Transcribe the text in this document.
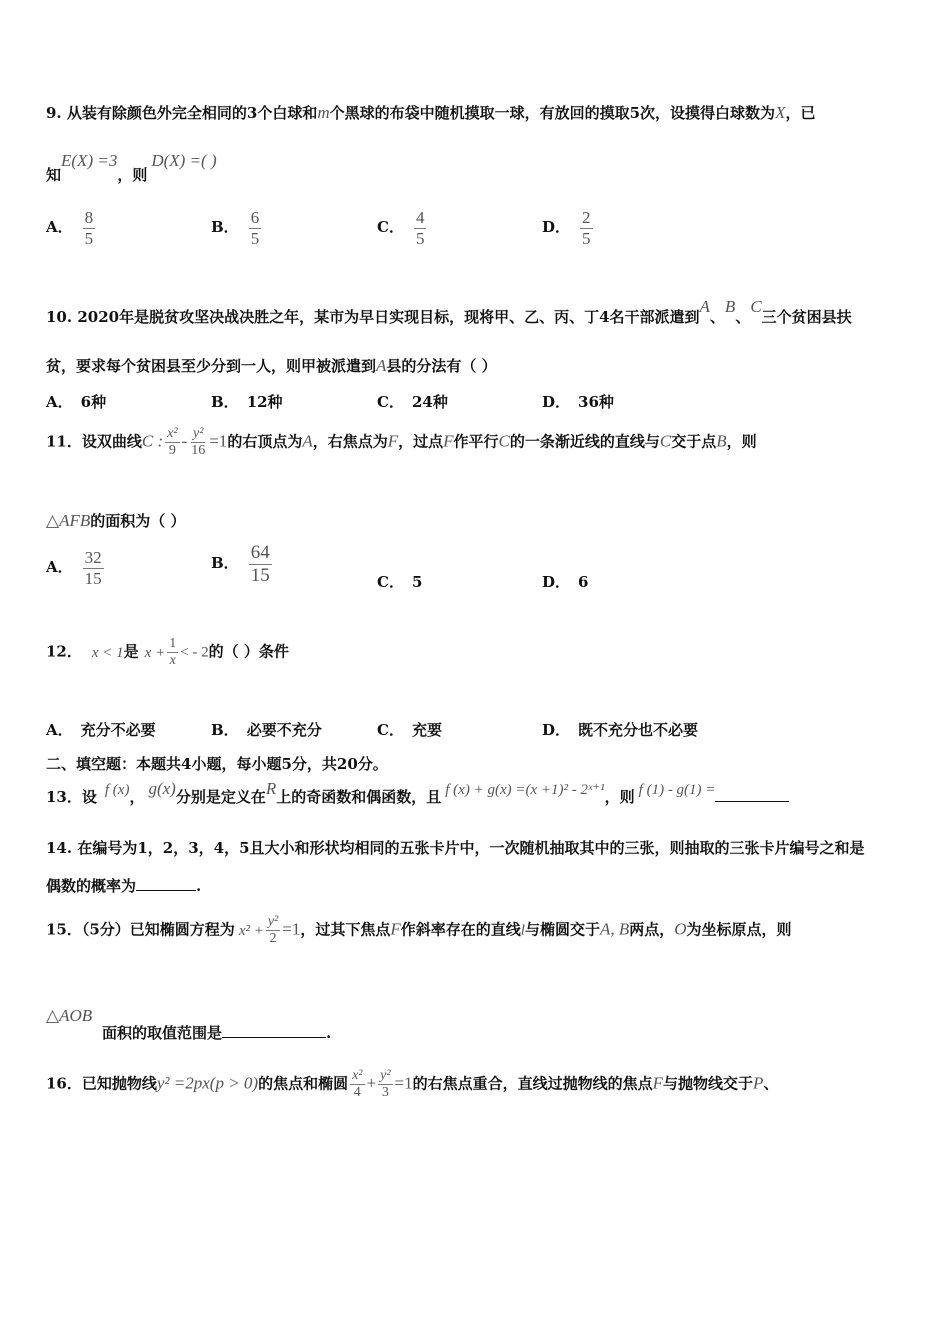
9. 从装有除颜色外完全相同的3个白球和m个黑球的布袋中随机摸取一球，有放回的摸取5次，设摸得白球数为X，已
知E(X) =3，则D(X) =( )
A． $\frac{8}{5}$	B． $\frac{6}{5}$	C． $\frac{4}{5}$	D． $\frac{2}{5}$
10. 2020年是脱贫攻坚决战决胜之年，某市为早日实现目标，现将甲、乙、丙、丁4名干部派遣到A、B、C三个贫困县扶
贫，要求每个贫困县至少分到一人，则甲被派遣到A县的分法有（ ）
A． 6种	B． 12种	C． 24种	D． 36种
11．设双曲线C : $\frac{\text{x²}}{9} - \frac{\text{y²}}{16} =1$的右顶点为A，右焦点为F，过点F作平行C的一条渐近线的直线与C交于点B，则
△AFB的面积为（ ）
A． $\frac{32}{15}$	B． $\frac{64}{15}$	C． 5	D． 6
12． x < 1是 $x + \frac{1}{x}$ < - 2的（ ）条件
A． 充分不必要	B． 必要不充分	C． 充要	D． 既不充分也不必要
二、填空题：本题共4小题，每小题5分，共20分。
13．设 f (x)， g(x)分别是定义在R上的奇函数和偶函数，且 f (x) + g(x) =(x +1)² - 2ˣ⁺¹，则 f (1) - g(1) =
14. 在编号为1，2，3，4，5且大小和形状均相同的五张卡片中，一次随机抽取其中的三张，则抽取的三张卡片编号之和是
偶数的概率为	.
15．（5分）已知椭圆方程为 $x^2 + \frac{\text{y²}}{2} =1$，过其下焦点F作斜率存在的直线l与椭圆交于A, B两点，O为坐标原点，则
△AOB
面积的取值范围是	.
16．已知抛物线y² =2px(p > 0)的焦点和椭圆 $\frac{\text{x²}}{4} + \frac{\text{y²}}{3} =1$的右焦点重合，直线过抛物线的焦点F与抛物线交于P、
